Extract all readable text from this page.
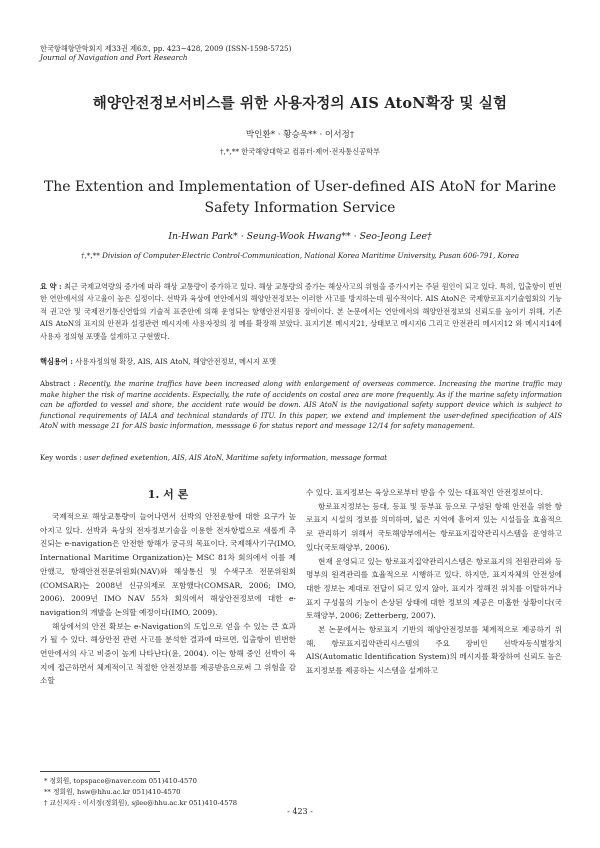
한국항해항만학회지 제33권 제6호, pp. 423~428, 2009 (ISSN-1598-5725)
Journal of Navigation and Port Research
해양안전정보서비스를 위한 사용자정의 AIS AtoN확장 및 실험
박인환* · 황승욱** · 이서정†
†,*,** 한국해양대학교 컴퓨터·제어·전자통신공학부
The Extention and Implementation of User-defined AIS AtoN for Marine Safety Information Service
In-Hwan Park* · Seung-Wook Hwang** · Seo-Jeong Lee†
†,*,** Division of Computer·Electric Control·Communication, National Korea Maritime University, Pusan 606-791, Korea
요 약 : 최근 국제교역량의 증가에 따라 해상 교통량이 증가하고 있다. 해상 교통량의 증가는 해상사고의 위험을 증가시키는 주된 원인이 되고 있다. 특히, 입출항이 빈번한 연안에서의 사고율이 높은 실정이다. 선박과 육상에 연안에서의 해양안전정보는 이러한 사고를 방지하는데 필수적이다. AIS AtoN은 국제항로표지기술협회의 기능적 권고안 및 국제전기통신연합의 기술적 표준안에 의해 운영되는 항행안전지원용 장비이다. 본 논문에서는 연안에서의 해양안전정보의 신뢰도를 높이기 위해, 기존 AIS AtoN의 표지의 안전과 설정관련 메시지에 사용자정의 정 메를 확장해 보았다. 표지기본 메시지21, 상태보고 메시지6 그리고 안전관리 메시지12 와 메시지14에 사용자 정의형 포맷을 설계하고 구현했다.
핵심용어 : 사용자정의형 확장, AIS, AIS AtoN, 해양안전정보, 메시지 포맷
Abstract : Recently, the marine traffics have been increased along with enlargement of overseas commerce. Increasing the marine traffic may make higher the risk of marine accidents. Especially, the rate of accidents on costal area are more frequently. As if the marine safety information can be afforded to vessel and shore, the accident rate would be down. AIS AtoN is the navigational safety support device which is subject to functional requirements of IALA and technical standards of ITU. In this paper, we extend and implement the user-defined specification of AIS AtoN with message 21 for AIS basic information, messsage 6 for status report and message 12/14 for safety management.
Key words : user defined exetention, AIS, AIS AtoN, Maritime safety information, message format
1. 서 론

국제적으로 해상교통량이 늘어나면서 선박의 안전운항에 대한 요구가 높아지고 있다. 선박과 육상의 전자정보기술을 이용한 전자항법으로 새롭게 추진되는 e-navigation은 안전한 항해가 궁극의 목표이다. 국제해사기구(IMO, International Maritime Organization)는 MSC 81차 회의에서 이를 제안했고, 항해안전전문위원회(NAV)와 해상통신 및 수색구조 전문위원회(COMSAR)는 2008년 신규의제로 포함했다(COMSAR, 2006; IMO, 2006). 2009년 IMO NAV 55차 회의에서 해상안전정보에 대한 e-navigation의 개발을 논의할 예정이다(IMO, 2009).

해상에서의 안전 확보는 e-Navigation의 도입으로 얻을 수 있는 큰 효과가 될 수 있다. 해상안전 관련 사고를 분석한 결과에 따르면, 입출항이 빈번한 연안에서의 사고 비중이 높게 나타난다(윤, 2004). 이는 항해 중인 선박이 육지에 접근하면서 체계적이고 적절한 안전정보를 제공받음으로써 그 위험을 감소할

수 있다. 표지정보는 육상으로부터 받을 수 있는 대표적인 안전정보이다.

항로표지정보는 등대, 등표 및 등부표 등으로 구성된 항해 안전을 위한 항로표지 시설의 정보를 의미하며, 넓은 지역에 흩어져 있는 시설들을 효율적으로 관리하기 위해서 국토해양부에서는 항로표지집약관리시스템을 운영하고 있다(국토해양부, 2006).

현재 운영되고 있는 항로표지집약관리시스템은 항로표지의 전원관리와 등명부의 원격관리를 효율적으로 시행하고 있다. 하지만, 표지자체의 안전성에 대한 정보는 제대로 전달이 되고 있지 않아, 표지가 정해진 위치를 이탈하거나 표지 구성물의 기능이 손상된 상태에 대한 정보의 제공은 미흡한 상황이다(국토해양부, 2006; Zetterberg, 2007).

본 논문에서는 항로표지 기반의 해양안전정보를 체계적으로 제공하기 위해, 항로표지집약관리시스템의 주요 장비인 선박자동식별장치 AIS(Automatic Identification System)의 메시지를 확장하여 신뢰도 높은 표지정보를 제공하는 시스템을 설계하고

* 정회원, topspace@naver.com 051)410-4570
** 정회원, hsw@hhu.ac.kr 051)410-4570
† 교신저자 : 이서정(정회원), sjlee@hhu.ac.kr 051)410-4578
- 423 -
